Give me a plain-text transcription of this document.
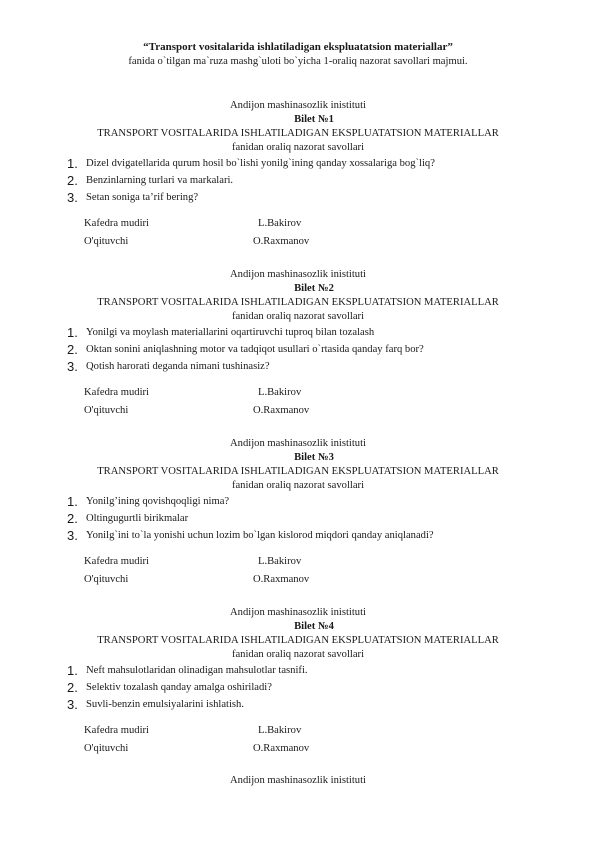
“Transport vositalarida ishlatiladigan ekspluatatsion materiallar”
fanida o`tilgan ma`ruza mashg`uloti bo`yicha 1-oraliq nazorat savollari majmui.
Andijon mashinasozlik inistituti
Bilet №1
TRANSPORT VOSITALARIDA ISHLATILADIGAN EKSPLUATATSION MATERIALLAR
fanidan oraliq nazorat savollari
1. Dizel dvigatellarida qurum hosil bo`lishi yonilg`ining qanday xossalariga bog`liq?
2. Benzinlarning turlari va markalari.
3. Setan soniga ta’rif bering?
Kafedra mudiri	L.Bakirov
O'qituvchi	O.Raxmanov
Andijon mashinasozlik inistituti
Bilet №2
TRANSPORT VOSITALARIDA ISHLATILADIGAN EKSPLUATATSION MATERIALLAR
fanidan oraliq nazorat savollari
1. Yonilgi va moylash materiallarini oqartiruvchi tuproq bilan tozalash
2. Oktan sonini aniqlashning motor va tadqiqot usullari o`rtasida qanday farq bor?
3. Qotish harorati deganda nimani tushinasiz?
Kafedra mudiri	L.Bakirov
O'qituvchi	O.Raxmanov
Andijon mashinasozlik inistituti
Bilet №3
TRANSPORT VOSITALARIDA ISHLATILADIGAN EKSPLUATATSION MATERIALLAR
fanidan oraliq nazorat savollari
1. Yonilg’ining qovishqoqligi nima?
2. Oltingugurtli birikmalar
3. Yonilg`ini to`la yonishi uchun lozim bo`lgan kislorod miqdori qanday aniqlanadi?
Kafedra mudiri	L.Bakirov
O'qituvchi	O.Raxmanov
Andijon mashinasozlik inistituti
Bilet №4
TRANSPORT VOSITALARIDA ISHLATILADIGAN EKSPLUATATSION MATERIALLAR
fanidan oraliq nazorat savollari
1. Neft mahsulotlaridan olinadigan mahsulotlar tasnifi.
2. Selektiv tozalash qanday amalga oshiriladi?
3. Suvli-benzin emulsiyalarini ishlatish.
Kafedra mudiri	L.Bakirov
O'qituvchi	O.Raxmanov
Andijon mashinasozlik inistituti
